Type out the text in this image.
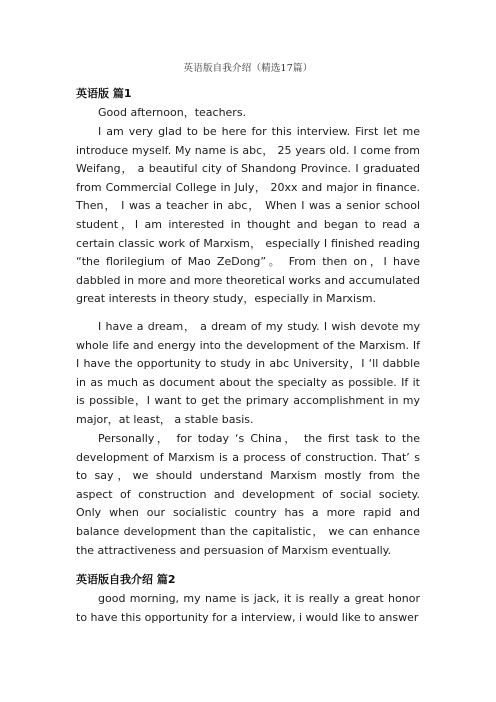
英语版自我介绍（精选17篇）
英语版 篇1

Good afternoon，teachers.

I am very glad to be here for this interview. First let me introduce myself. My name is abc， 25 years old. I come from Weifang， a beautiful city of Shandong Province. I graduated from Commercial College in July， 20xx and major in finance. Then， I was a teacher in abc， When I was a senior school student，I am interested in thought and began to read a certain classic work of Marxism， especially I finished reading “the florilegium of Mao ZeDong”。 From then on，I have dabbled in more and more theoretical works and accumulated great interests in theory study，especially in Marxism.

I have a dream， a dream of my study. I wish devote my whole life and energy into the development of the Marxism. If I have the opportunity to study in abc University，I ‘ll dabble in as much as document about the specialty as possible. If it is possible，I want to get the primary accomplishment in my major，at least， a stable basis.

Personally， for today ‘s China， the first task to the development of Marxism is a process of construction. That’ s to say，we should understand Marxism mostly from the aspect of construction and development of social society. Only when our socialistic country has a more rapid and balance development than the capitalistic， we can enhance the attractiveness and persuasion of Marxism eventually.

英语版自我介绍 篇2

good morning, my name is jack, it is really a great honor to have this opportunity for a interview, i would like to answer
